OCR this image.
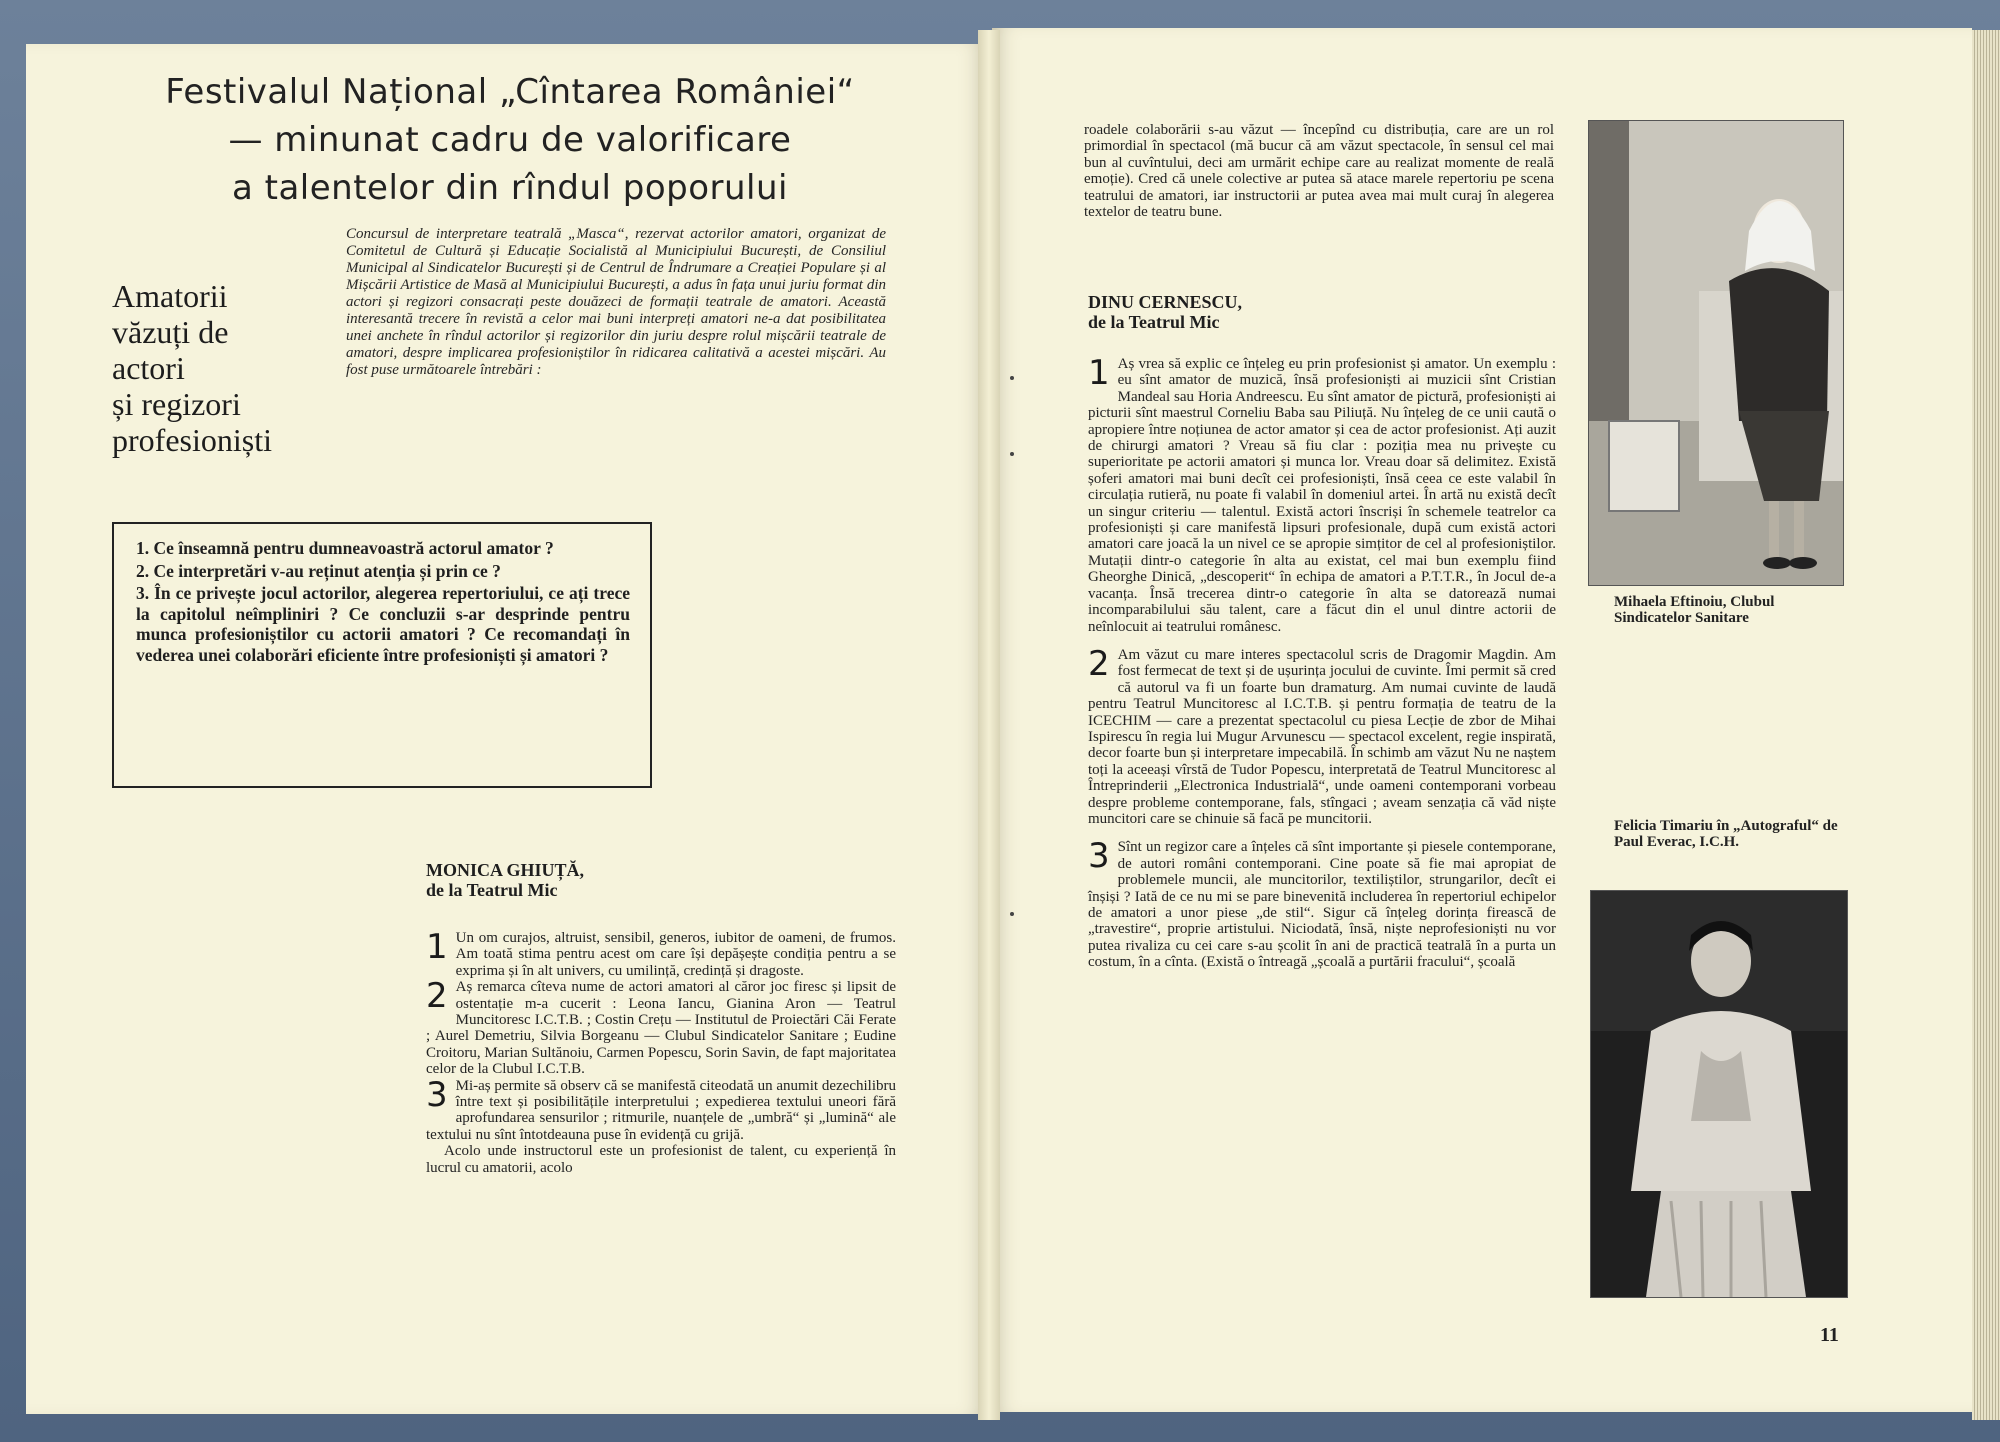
Festivalul Național „Cîntarea României“
— minunat cadru de valorificare
a talentelor din rîndul poporului
Amatorii
văzuți de
actori
și regizori
profesioniști
Concursul de interpretare teatrală „Masca“, rezervat actorilor amatori, organizat de Comitetul de Cultură și Educație Socialistă al Municipiului București, de Consiliul Municipal al Sindicatelor București și de Centrul de Îndrumare a Creației Populare și al Mișcării Artistice de Masă al Municipiului București, a adus în fața unui juriu format din actori și regizori consacrați peste douăzeci de formații teatrale de amatori. Această interesantă trecere în revistă a celor mai buni interpreți amatori ne-a dat posibilitatea unei anchete în rîndul actorilor și regizorilor din juriu despre rolul mișcării teatrale de amatori, despre implicarea profesioniștilor în ridicarea calitativă a acestei mișcări. Au fost puse următoarele întrebări :

1. Ce înseamnă pentru dumneavoastră actorul amator ?

2. Ce interpretări v-au reținut atenția și prin ce ?

3. În ce privește jocul actorilor, alegerea repertoriului, ce ați trece la capitolul neîmpliniri ? Ce concluzii s-ar desprinde pentru munca profesioniștilor cu actorii amatori ? Ce recomandați în vederea unei colaborări eficiente între profesioniști și amatori ?

MONICA GHIUȚĂ,
de la Teatrul Mic

1 Un om curajos, altruist, sensibil, generos, iubitor de oameni, de frumos. Am toată stima pentru acest om care își depășește condiția pentru a se exprima și în alt univers, cu umilință, credință și dragoste.

2 Aș remarca cîteva nume de actori amatori al căror joc firesc și lipsit de ostentație m-a cucerit : Leona Iancu, Gianina Aron — Teatrul Muncitoresc I.C.T.B. ; Costin Crețu — Institutul de Proiectări Căi Ferate ; Aurel Demetriu, Silvia Borgeanu — Clubul Sindicatelor Sanitare ; Eudine Croitoru, Marian Sultănoiu, Carmen Popescu, Sorin Savin, de fapt majoritatea celor de la Clubul I.C.T.B.

3 Mi-aș permite să observ că se manifestă citeodată un anumit dezechilibru între text și posibilitățile interpretului ; expedierea textului uneori fără aprofundarea sensurilor ; ritmurile, nuanțele de „umbră“ și „lumină“ ale textului nu sînt întotdeauna puse în evidență cu grijă.

Acolo unde instructorul este un profesionist de talent, cu experiență în lucrul cu amatorii, acolo

roadele colaborării s-au văzut — începînd cu distribuția, care are un rol primordial în spectacol (mă bucur că am văzut spectacole, în sensul cel mai bun al cuvîntului, deci am urmărit echipe care au realizat momente de reală emoție). Cred că unele colective ar putea să atace marele repertoriu pe scena teatrului de amatori, iar instructorii ar putea avea mai mult curaj în alegerea textelor de teatru bune.
DINU CERNESCU,
de la Teatrul Mic

1 Aș vrea să explic ce înțeleg eu prin profesionist și amator. Un exemplu : eu sînt amator de muzică, însă profesioniști ai muzicii sînt Cristian Mandeal sau Horia Andreescu. Eu sînt amator de pictură, profesioniști ai picturii sînt maestrul Corneliu Baba sau Piliuță. Nu înțeleg de ce unii caută o apropiere între noțiunea de actor amator și cea de actor profesionist. Ați auzit de chirurgi amatori ? Vreau să fiu clar : poziția mea nu privește cu superioritate pe actorii amatori și munca lor. Vreau doar să delimitez. Există șoferi amatori mai buni decît cei profesioniști, însă ceea ce este valabil în circulația rutieră, nu poate fi valabil în domeniul artei. În artă nu există decît un singur criteriu — talentul. Există actori înscriși în schemele teatrelor ca profesioniști și care manifestă lipsuri profesionale, după cum există actori amatori care joacă la un nivel ce se apropie simțitor de cel al profesioniștilor. Mutații dintr-o categorie în alta au existat, cel mai bun exemplu fiind Gheorghe Dinică, „descoperit“ în echipa de amatori a P.T.T.R., în Jocul de-a vacanța. Însă trecerea dintr-o categorie în alta se datorează numai incomparabilului său talent, care a făcut din el unul dintre actorii de neînlocuit ai teatrului românesc.

2 Am văzut cu mare interes spectacolul scris de Dragomir Magdin. Am fost fermecat de text și de ușurința jocului de cuvinte. Îmi permit să cred că autorul va fi un foarte bun dramaturg. Am numai cuvinte de laudă pentru Teatrul Muncitoresc al I.C.T.B. și pentru formația de teatru de la ICECHIM — care a prezentat spectacolul cu piesa Lecție de zbor de Mihai Ispirescu în regia lui Mugur Arvunescu — spectacol excelent, regie inspirată, decor foarte bun și interpretare impecabilă. În schimb am văzut Nu ne naștem toți la aceeași vîrstă de Tudor Popescu, interpretată de Teatrul Muncitoresc al Întreprinderii „Electronica Industrială“, unde oameni contemporani vorbeau despre probleme contemporane, fals, stîngaci ; aveam senzația că văd niște muncitori care se chinuie să facă pe muncitorii.

3 Sînt un regizor care a înțeles că sînt importante și piesele contemporane, de autori români contemporani. Cine poate să fie mai apropiat de problemele muncii, ale muncitorilor, textiliștilor, strungarilor, decît ei înșiși ? Iată de ce nu mi se pare binevenită includerea în repertoriul echipelor de amatori a unor piese „de stil“. Sigur că înțeleg dorința firească de „travestire“, proprie artistului. Niciodată, însă, niște neprofesioniști nu vor putea rivaliza cu cei care s-au școlit în ani de practică teatrală în a purta un costum, în a cînta. (Există o întreagă „școală a purtării fracului“, școală

Mihaela Eftinoiu, Clubul Sindicatelor Sanitare
Felicia Timariu în „Autograful“ de Paul Everac, I.C.H.
11
